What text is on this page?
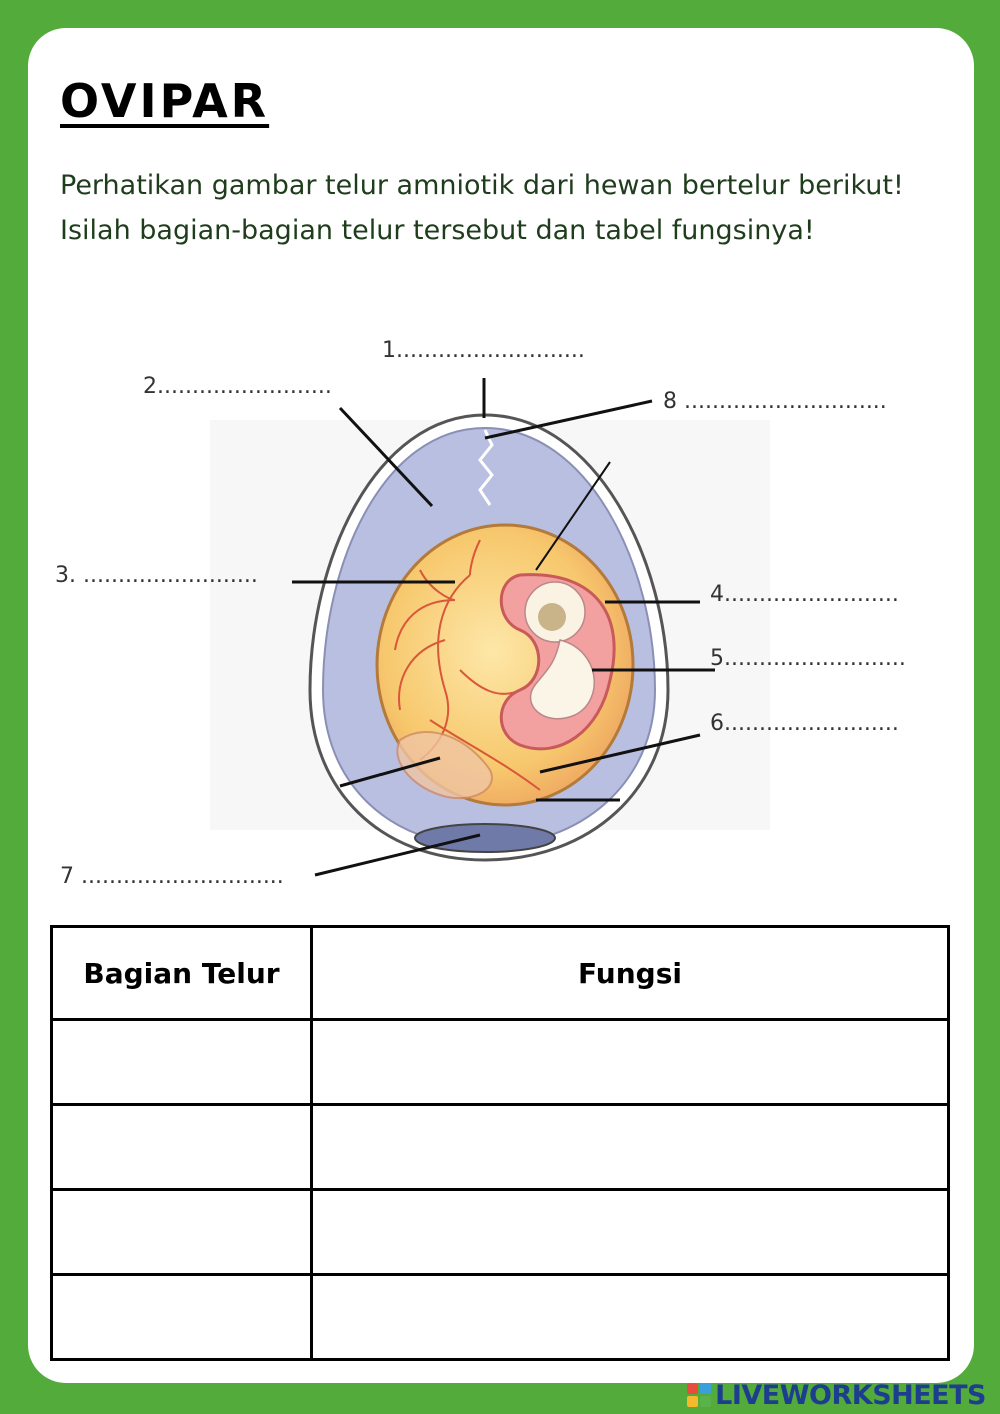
OVIPAR

Perhatikan gambar telur amniotik dari hewan bertelur berikut! Isilah bagian-bagian telur tersebut dan tabel fungsinya!

1...........................
2.........................
3. .........................
4.........................
5..........................
6.........................
7 .............................
8 .............................
Bagian Telur	Fungsi

LIVEWORKSHEETS
